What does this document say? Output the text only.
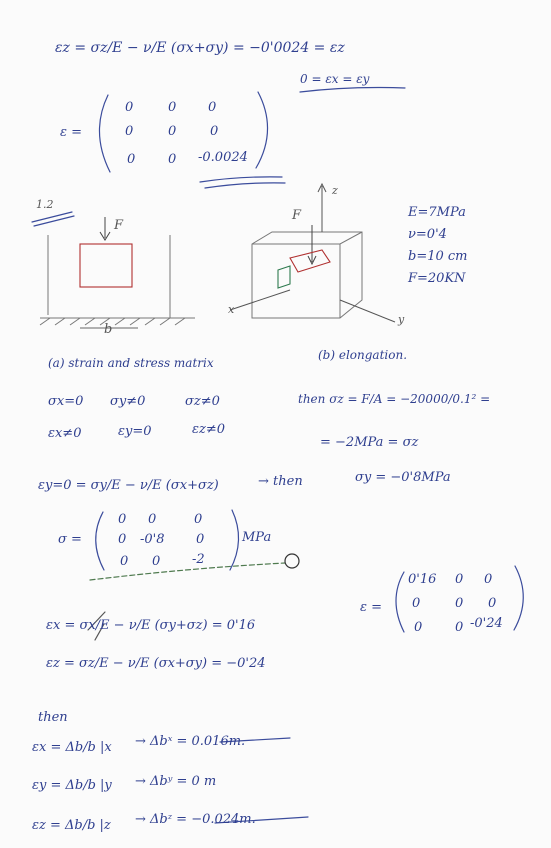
εz = σz/E − ν/E (σx+σy) = −0'0024 = εz
0 = εx = εy
ε =
0	0 0
0	0	0
0	0 -0.0024
1.2
F
b
F
z
x
y
E=7MPa
ν=0'4
b=10 cm
F=20KN
(a) strain and stress matrix
(b) elongation.
σx=0 σy≠0	σz≠0
εx≠0	εy=0	εz≠0
then σz = F/A = −20000/0.1² =
= −2MPa = σz
εy=0 = σy/E − ν/E (σx+σz)	→ then	σy = −0'8MPa
σ =
0 0	0
0 -0'8 0
0 0 -2
MPa
εx = σx/E − ν/E (σy+σz) = 0'16
εz = σz/E − ν/E (σx+σy) = −0'24
ε =
0'16 0 0
0	0 0
0	0 -0'24
then
εx = Δb/b |x → Δbˣ = 0.016m.
εy = Δb/b |y → Δbʸ = 0 m
εz = Δb/b |z → Δbᶻ = −0.024m.
